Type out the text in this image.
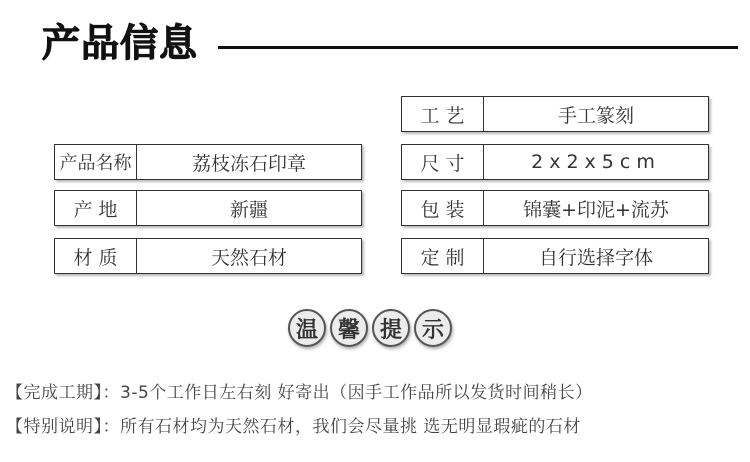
产品信息
产品名称	荔枝冻石印章
产 地	新疆
材 质	天然石材
工 艺	手工篆刻
尺 寸	2x2x5cm
包 装	锦囊+印泥+流苏
定 制	自行选择字体
温 馨 提 示
【完成工期】：3-5个工作日左右刻 好寄出（因手工作品所以发货时间稍长）
【特别说明】：所有石材均为天然石材，我们会尽量挑 选无明显瑕疵的石材
